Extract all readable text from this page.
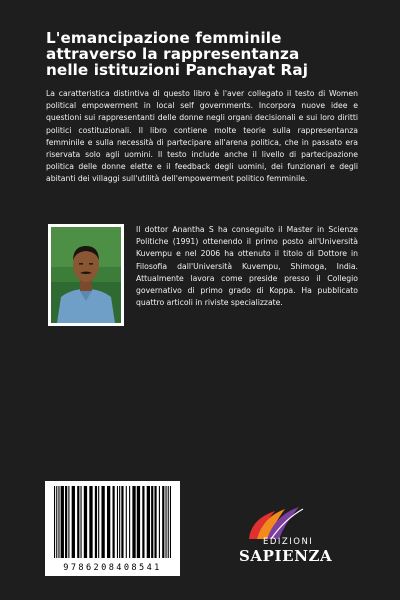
L'emancipazione femminile
attraverso la rappresentanza
nelle istituzioni Panchayat Raj

La caratteristica distintiva di questo libro è l'aver collegato il testo di Women political empowerment in local self governments. Incorpora nuove idee e questioni sui rappresentanti delle donne negli organi decisionali e sui loro diritti politici costituzionali. Il libro contiene molte teorie sulla rappresentanza femminile e sulla necessità di partecipare all'arena politica, che in passato era riservata solo agli uomini. Il testo include anche il livello di partecipazione politica delle donne elette e il feedback degli uomini, dei funzionari e degli abitanti dei villaggi sull'utilità dell'empowerment politico femminile.

Il dottor Anantha S ha conseguito il Master in Scienze Politiche (1991) ottenendo il primo posto all'Università Kuvempu e nel 2006 ha ottenuto il titolo di Dottore in Filosofia dall'Università Kuvempu, Shimoga, India. Attualmente lavora come preside presso il Collegio governativo di primo grado di Koppa. Ha pubblicato quattro articoli in riviste specializzate.

9786208408541
EDIZIONI
SAPIENZA
